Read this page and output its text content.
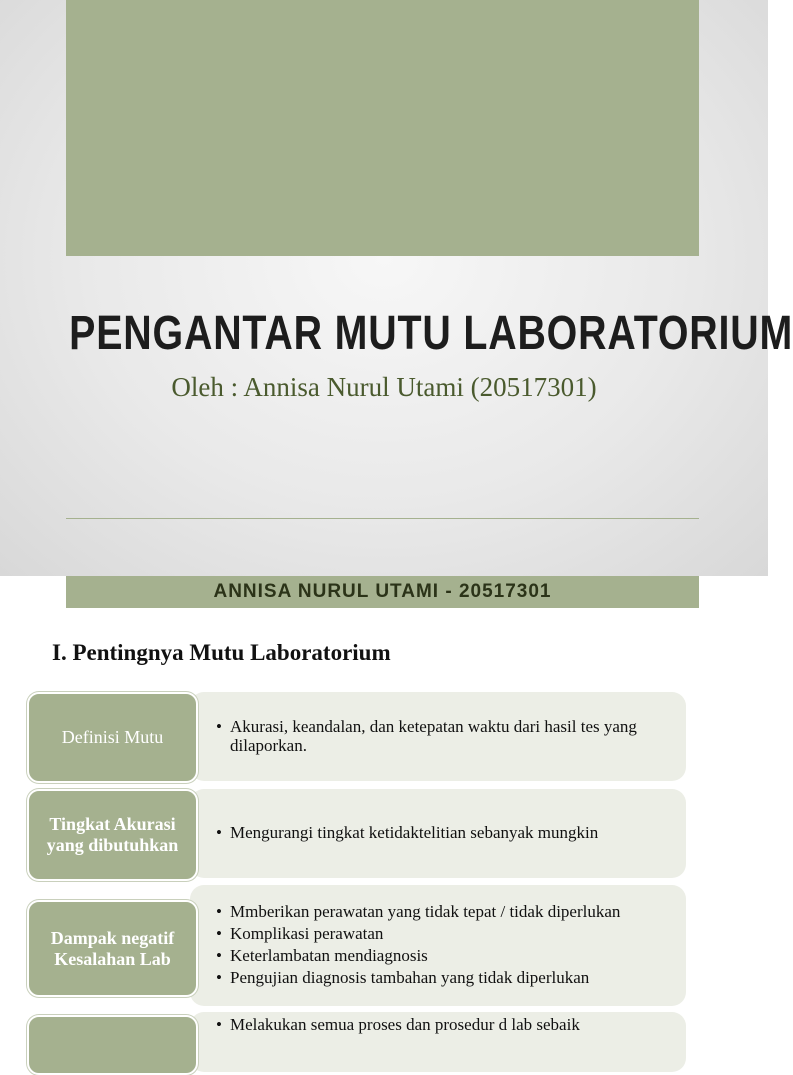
PENGANTAR MUTU LABORATORIUM
Oleh : Annisa Nurul Utami (20517301)
ANNISA NURUL UTAMI - 20517301
I. Pentingnya Mutu Laboratorium
• Akurasi, keandalan, dan ketepatan waktu dari hasil tes yang dilaporkan.
Definisi Mutu
• Mengurangi tingkat ketidaktelitian sebanyak mungkin
Tingkat Akurasi yang dibutuhkan
• Mmberikan perawatan yang tidak tepat / tidak diperlukan
• Komplikasi perawatan
• Keterlambatan mendiagnosis
• Pengujian diagnosis tambahan yang tidak diperlukan
Dampak negatif Kesalahan Lab
• Melakukan semua proses dan prosedur d lab sebaik
